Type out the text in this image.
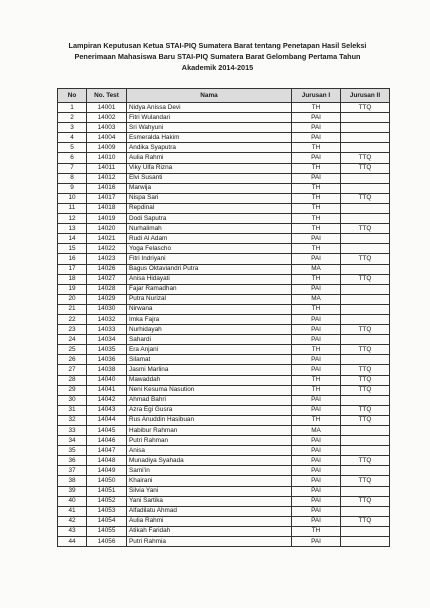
Lampiran Keputusan Ketua STAI-PIQ Sumatera Barat tentang Penetapan Hasil Seleksi
Penerimaan Mahasiswa Baru STAI-PIQ Sumatera Barat Gelombang Pertama Tahun
Akademik 2014-2015
No	No. Test	Nama	Jurusan I	Jurusan II
1	14001	Nidya Anissa Devi	TH	TTQ
2	14002	Fitri Wulandari	PAI	
3	14003	Sri Wahyuni	PAI	
4	14004	Esmeralda Hakim	PAI	
5	14009	Andika Syaputra	TH	
6	14010	Aulia Rahmi	PAI	TTQ
7	14011	Viky Ulfa Rizna	TH	TTQ
8	14012	Elvi Susanti	PAI	
9	14016	Marwija	TH	
10	14017	Nispa Sari	TH	TTQ
11	14018	Repdinal	TH	
12	14019	Dodi Saputra	TH	
13	14020	Nurhalimah	TH	TTQ
14	14021	Rudi Al Adam	PAI	
15	14022	Yoga Felascho	TH	
16	14023	Fitri Indriyani	PAI	TTQ
17	14026	Bagus Oktaviandri Putra	MA	
18	14027	Anisa Hidayati	TH	TTQ
19	14028	Fajar Ramadhan	PAI	
20	14029	Putra Nurizal	MA	
21	14030	Nirwana	TH	
22	14032	Imka Fajra	PAI	
23	14033	Nurhidayah	PAI	TTQ
24	14034	Sahardi	PAI	
25	14035	Era Anjani	TH	TTQ
26	14036	Silamat	PAI	
27	14038	Jasmi Marlina	PAI	TTQ
28	14040	Mawaddah	TH	TTQ
29	14041	Neni Kesuma Nasution	TH	TTQ
30	14042	Ahmad Bahri	PAI	
31	14043	Azra Egi Gusra	PAI	TTQ
32	14044	Rus Anuddin Hasibuan	TH	TTQ
33	14045	Habibur Rahman	MA	
34	14046	Putri Rahman	PAI	
35	14047	Anisa	PAI	
36	14048	Munadiya Syahada	PAI	TTQ
37	14049	Sami'in	PAI	
38	14050	Khairani	PAI	TTQ
39	14051	Silvia Yani	PAI	
40	14052	Yani Sartika	PAI	TTQ
41	14053	Alfadilatu Ahmad	PAI	
42	14054	Aulia Rahmi	PAI	TTQ
43	14055	Atikah Faridah	TH	
44	14056	Putri Rahmia	PAI	
